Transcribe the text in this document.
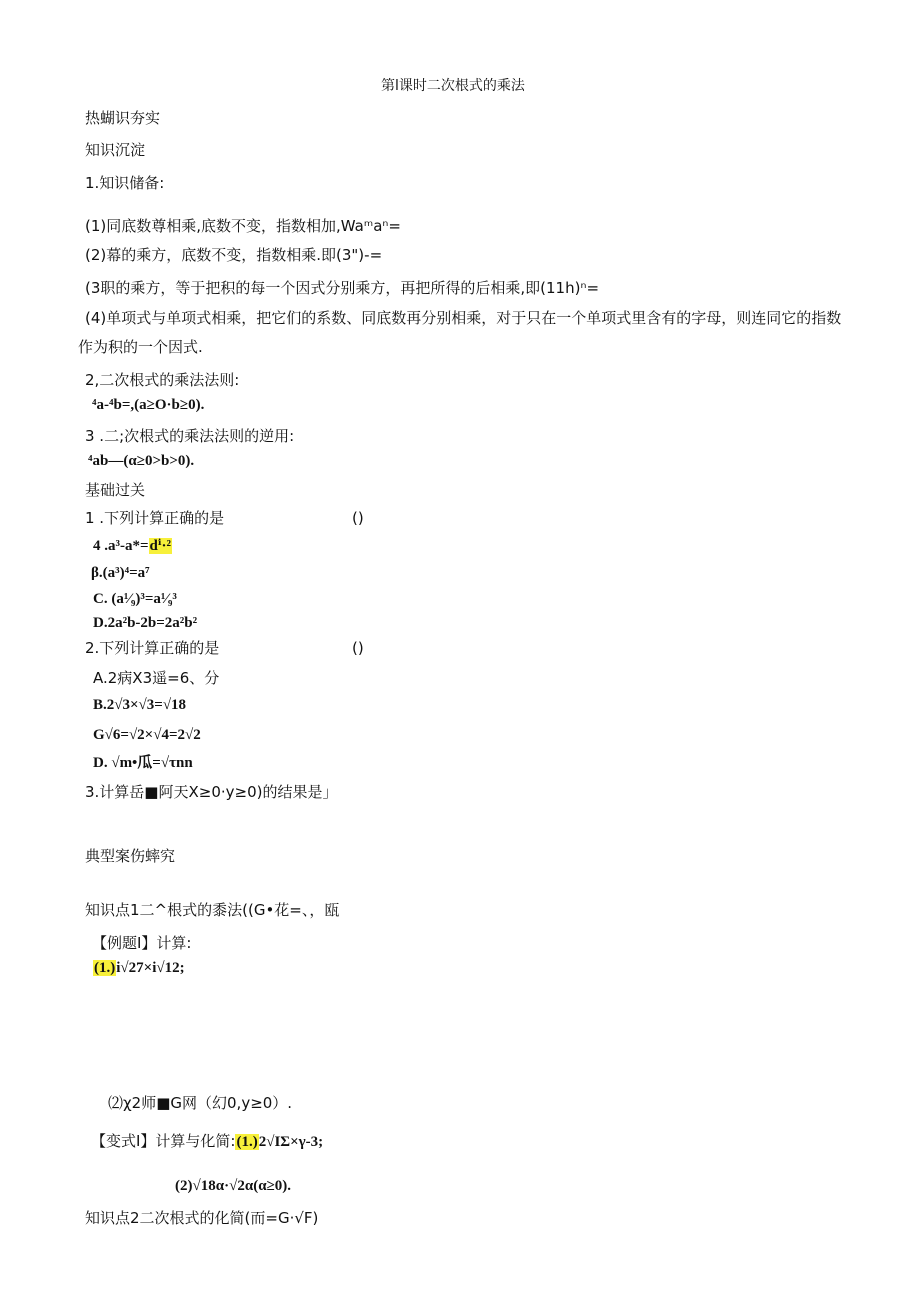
第l课时二次根式的乘法
热蝴识夯实
知识沉淀
1.知识储备:
(1)同底数尊相乘,底数不变，指数相加,Waᵐaⁿ=
(2)幕的乘方，底数不变，指数相乘.即(3")-=
(3职的乘方，等于把积的每一个因式分别乘方，再把所得的后相乘,即(11h)ⁿ=
(4)单项式与单项式相乘，把它们的系数、同底数再分别相乘，对于只在一个单项式里含有的字母，则连同它的指数
作为积的一个因式.
2,二次根式的乘法法则:
⁴a-⁴b=,(a≥O·b≥0).
3 .二;次根式的乘法法则的逆用:
⁴ab—(α≥0>b>0).
基础过关
1 .下列计算正确的是	()
4 .a³-a*=dⁱ·²
β.(a³)⁴=a⁷
C. (a¹⁄₉)³=a¹⁄₉³
D.2a²b-2b=2a²b²
2.下列计算正确的是	()
A.2病X3遥=6、分
B.2√3×√3=√18
G√6=√2×√4=2√2
D. √m•瓜=√τnn
3.计算岳■阿天X≥0·y≥0)的结果是」
典型案伤蟀究
知识点1二^根式的黍法((G•花=、，瓯
【例题I】计算:
(1.)i√27×i√12;
⑵χ2师■G网（幻0,y≥0）.
【变式I】计算与化简:(1.)2√IΣ×γ-3;
(2)√18α·√2α(α≥0).
知识点2二次根式的化简(而=G·√F)
